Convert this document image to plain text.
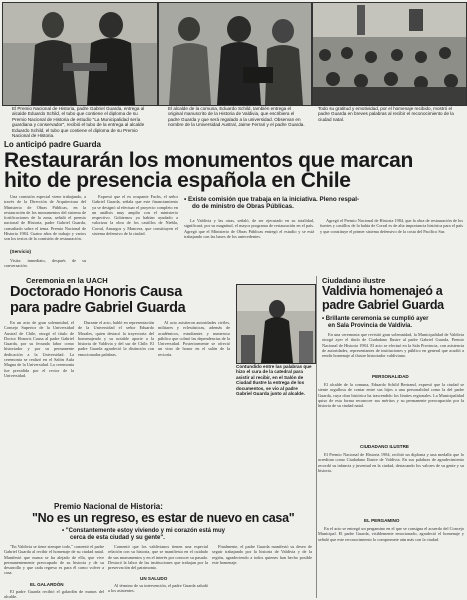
El Premio Nacional de Historia, padre Gabriel Guarda, entrega al alcalde Eduardo Schild, el tubo que contiene el diploma de su Premio Nacional de Historia de estudio "La Municipalidad sería guardiana y conservador", recibió el tubo de la entrega al alcalde Eduardo Schild, el tubo que contiene el diploma de su Premio Nacional de Historia.
El alcalde de la comuna, Eduardo Schild, también entrega el original manuscrito de la Historia de Valdivia, que escribiera el padre Guarda y que será regalado a la universidad. Observan en nombre de la Universidad Austral, Jaime Ferrari y el padre Guarda.
Todo su gratitud y emotividad, por el homenaje recibido, mostró el padre Guarda en breves palabras al recibir el reconocimiento de la ciudad natal.
Lo anticipó padre Guarda
Restaurarán los monumentos que marcan
hito de presencia española en Chile

Una comisión especial viene trabajando, a través de la Dirección de Arquitectura del Ministerio de Obras Públicas, en la restauración de los monumentos del sistema de fortificaciones de la zona, señaló el premio nacional de Historia, padre Gabriel Guarda, consultado sobre el tema. Premio Nacional de Historia 1984. Cuatro años de trabajo y varios son los textos de la comisión de restauración.

(Servicio)

Visita: inmediato, después de su conversación.

Expresó que el ex ocupante Fuchs, el señor Gabriel Guarda, señala que este financiamiento ya se designó al efectuar el proyecto completo en un análisis muy amplio con el ministerio respectivo. Gobiernos ya habían ayudado a valorizar la obra de los castillos de Niebla, Corral, Amargos y Mancera, que constituyen el sistema defensivo de la ciudad.

• Existe comisión que trabaja en la iniciativa. Pleno respal-
do de ministro de Obras Públicas.

La Valdivia y las otras, señaló, de ser ejecutado en su totalidad, significará, por su magnitud, el mayor programa de restauración en el país. Agregó que el Ministerio de Obras Públicas entregó el estudio y se está trabajando con las bases de los antecedentes.

Agregó el Premio Nacional de Historia 1984, que la obra de restauración de los fuertes y castillos de la bahía de Corral es de alta importancia histórica para el país y que constituye el primer sistema defensivo de la costa del Pacífico Sur.

Ceremonia en la UACH
Doctorado Honoris Causa
para padre Gabriel Guarda

En un acto de gran solemnidad, el Consejo Superior de la Universidad Austral de Chile, otorgó el título de Doctor Honoris Causa al padre Gabriel Guarda, por su fecunda labor como historiador y por su permanente dedicación a la Universidad. La ceremonia se realizó en el Salón Aula Magna de la Universidad. La ceremonia fue presidida por el rector de la Universidad.

Durante el acto, habló en representación de la Universidad el señor Eduardo Morales, quien destacó la trayectoria del homenajeado y su notable aporte a la historia de Valdivia y del sur de Chile. El padre Guarda agradeció la distinción con emocionadas palabras.

Al acto asistieron autoridades civiles, militares y eclesiásticas, además de académicos, estudiantes y numeroso público que colmó las dependencias de la Universidad. Posteriormente se ofreció un vino de honor en el salón de la rectoría.

Contundido entre las palabras que hizo el cura de la catedral para asistir al recibir, en el Salón de Ciudad Ilustre la entrega de los documentos, se vio al padre Gabriel Guarda junto al alcalde.
Ciudadano ilustre
Valdivia homenajeó a
padre Gabriel Guarda
• Brillante ceremonia se cumplió ayer
en Sala Provincia de Valdivia.

En una ceremonia que revistió gran solemnidad, la Municipalidad de Valdivia otorgó ayer el título de Ciudadano Ilustre al padre Gabriel Guarda, Premio Nacional de Historia 1984. El acto se efectuó en la Sala Provincia, con asistencia de autoridades, representantes de instituciones y público en general que acudió a rendir homenaje al ilustre historiador valdiviano.

PERSONALIDAD

El alcalde de la comuna, Eduardo Schild Bertrand, expresó que la ciudad se siente orgullosa de contar entre sus hijos a una personalidad como la del padre Guarda, cuya obra histórica ha trascendido los límites regionales. La Municipalidad quiso de esta forma reconocer sus méritos y su permanente preocupación por la historia de su ciudad natal.

CIUDADANO ILUSTRE

El Premio Nacional de Historia 1984, recibió un diploma y una medalla que lo acreditan como Ciudadano Ilustre de Valdivia. En sus palabras de agradecimiento recordó su infancia y juventud en la ciudad, destacando los valores de su gente y su historia.

EL PERGAMINO

En el acto se entregó un pergamino en el que se consigna el acuerdo del Concejo Municipal. El padre Guarda, visiblemente emocionado, agradeció el homenaje y señaló que este reconocimiento lo compromete aún más con la ciudad.

Premio Nacional de Historia:
"No es un regreso, es estar de nuevo en casa"
• "Constantemente estoy viviendo y mi corazón está muy
cerca de esta ciudad y su gente".

"En Valdivia se tiene siempre todo," comentó el padre Gabriel Guarda al recibir el homenaje de su ciudad natal. Manifestó que nunca se ha alejado de ella, que vive permanentemente preocupado de su historia y de su desarrollo y que cada regreso es para él como volver a casa.

EL GALARDÓN

El padre Guarda recibió el galardón de manos del alcalde.

Comentó que los valdivianos tienen una especial relación con su historia, que se manifiesta en el cuidado de sus monumentos y en el interés por conocer su pasado. Destacó la labor de las instituciones que trabajan por la preservación del patrimonio.

UN SALUDO

Al término de su intervención, el padre Guarda saludó a los asistentes.

Finalmente, el padre Guarda manifestó su deseo de seguir trabajando por la historia de Valdivia y de la región, agradeciendo a todos quienes han hecho posible este homenaje.
